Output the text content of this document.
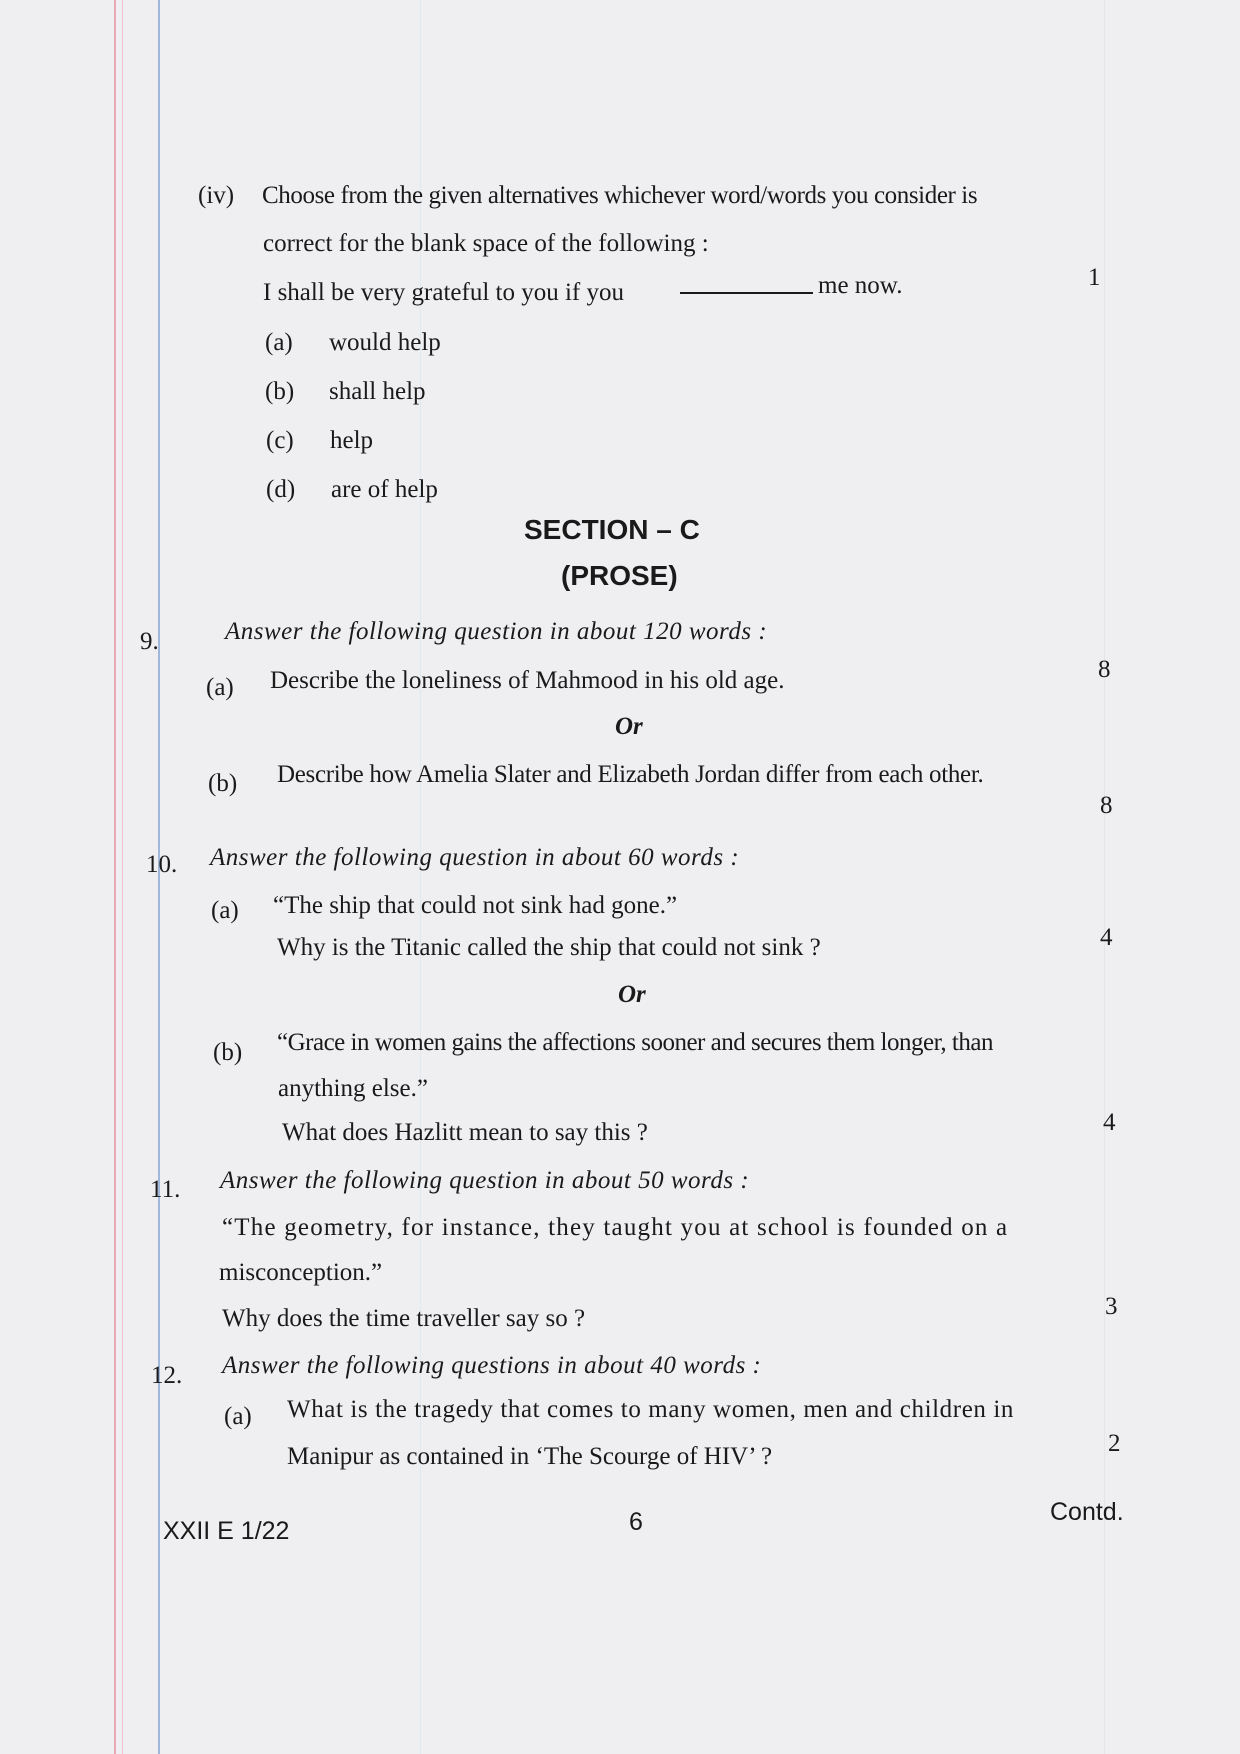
(iv) Choose from the given alternatives whichever word/words you consider is
correct for the blank space of the following :
I shall be very grateful to you if you	me now.	1
(a) would help
(b) shall help
(c) help
(d) are of help
SECTION – C
(PROSE)
9.	Answer the following question in about 120 words :
(a) Describe the loneliness of Mahmood in his old age.	8
Or
(b) Describe how Amelia Slater and Elizabeth Jordan differ from each other.
8
10. Answer the following question in about 60 words :
(a) “The ship that could not sink had gone.”
Why is the Titanic called the ship that could not sink ?	4
Or
(b) “Grace in women gains the affections sooner and secures them longer, than
anything else.”
What does Hazlitt mean to say this ?	4
11. Answer the following question in about 50 words :
“The geometry, for instance, they taught you at school is founded on a
misconception.”
Why does the time traveller say so ?	3
12. Answer the following questions in about 40 words :
(a) What is the tragedy that comes to many women, men and children in
Manipur as contained in ‘The Scourge of HIV’ ?	2
XXII E 1/22	6	Contd.
